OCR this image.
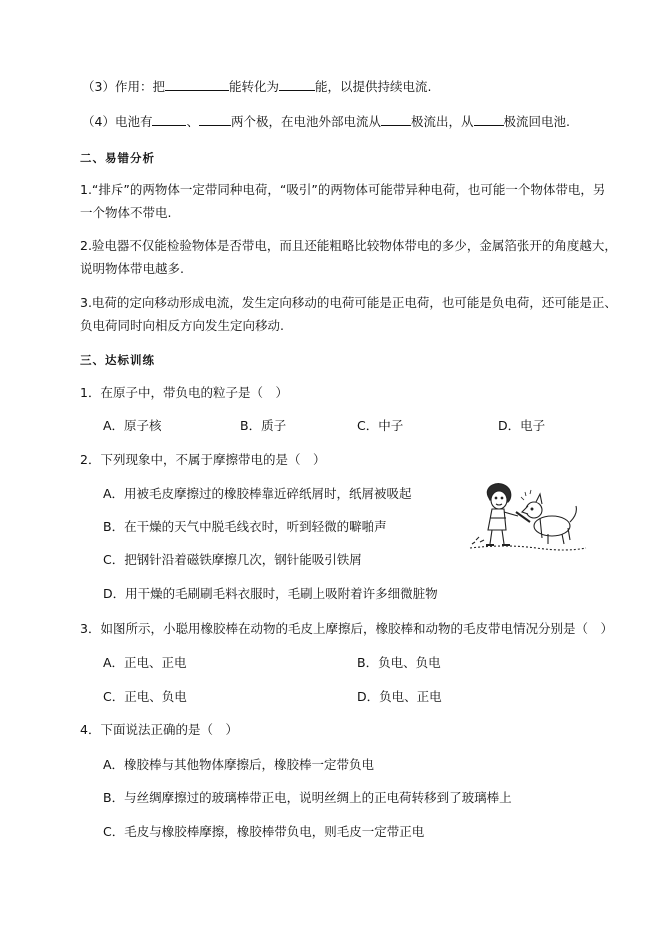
（3）作用：把	能转化为	能，以提供持续电流.
（4）电池有	、	两个极，在电池外部电流从 极流出，从 极流回电池.
二、易错分析
1.“排斥”的两物体一定带同种电荷，“吸引”的两物体可能带异种电荷，也可能一个物体带电，另
一个物体不带电.
2.验电器不仅能检验物体是否带电，而且还能粗略比较物体带电的多少，金属箔张开的角度越大，
说明物体带电越多.
3.电荷的定向移动形成电流，发生定向移动的电荷可能是正电荷，也可能是负电荷，还可能是正、
负电荷同时向相反方向发生定向移动.
三、达标训练
1．在原子中，带负电的粒子是（　）
A．原子核	B．质子	C．中子	D．电子
2．下列现象中，不属于摩擦带电的是（　）
A．用被毛皮摩擦过的橡胶棒靠近碎纸屑时，纸屑被吸起
B．在干燥的天气中脱毛线衣时，听到轻微的噼啪声
C．把钢针沿着磁铁摩擦几次，钢针能吸引铁屑
D．用干燥的毛刷刷毛料衣服时，毛刷上吸附着许多细微脏物
3．如图所示，小聪用橡胶棒在动物的毛皮上摩擦后，橡胶棒和动物的毛皮带电情况分别是（　）
A．正电、正电	B．负电、负电
C．正电、负电	D．负电、正电
4．下面说法正确的是（　）
A．橡胶棒与其他物体摩擦后，橡胶棒一定带负电
B．与丝绸摩擦过的玻璃棒带正电，说明丝绸上的正电荷转移到了玻璃棒上
C．毛皮与橡胶棒摩擦，橡胶棒带负电，则毛皮一定带正电
